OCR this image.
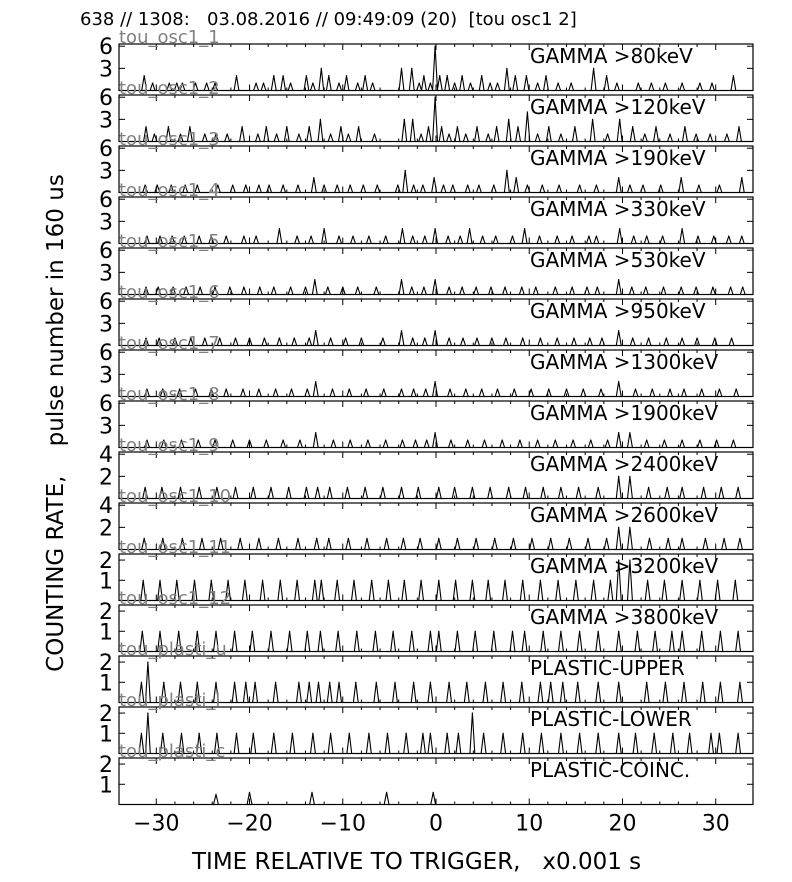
638 // 1308:   03.08.2016 // 09:49:09 (20)  [tou osc1 2]
COUNTING RATE,    pulse number in 160 us
TIME RELATIVE TO TRIGGER,   x0.001 s
3
6	GAMMA >80keV
tou_osc1_1
3
6	GAMMA >120keV
tou_osc1_2
3
6	GAMMA >190keV
tou_osc1_3
3
6	GAMMA >330keV
tou_osc1_4
3
6	GAMMA >530keV
tou_osc1_5
3
6	GAMMA >950keV
tou_osc1_6
3
6	GAMMA >1300keV
tou_osc1_7
3
6	GAMMA >1900keV
tou_osc1_8
2
4	GAMMA >2400keV
tou_osc1_9
2
4	GAMMA >2600keV
tou_osc1_10
1
2	GAMMA >3200keV
tou_osc1_11
1
2	GAMMA >3800keV
tou_osc1_12
1
2	PLASTIC-UPPER
tou_plasti_u
1
2	PLASTIC-LOWER
tou_plasti_l
1
2	PLASTIC-COINC.
tou_plasti_c
−30 −20 −10	0	10	20	30
